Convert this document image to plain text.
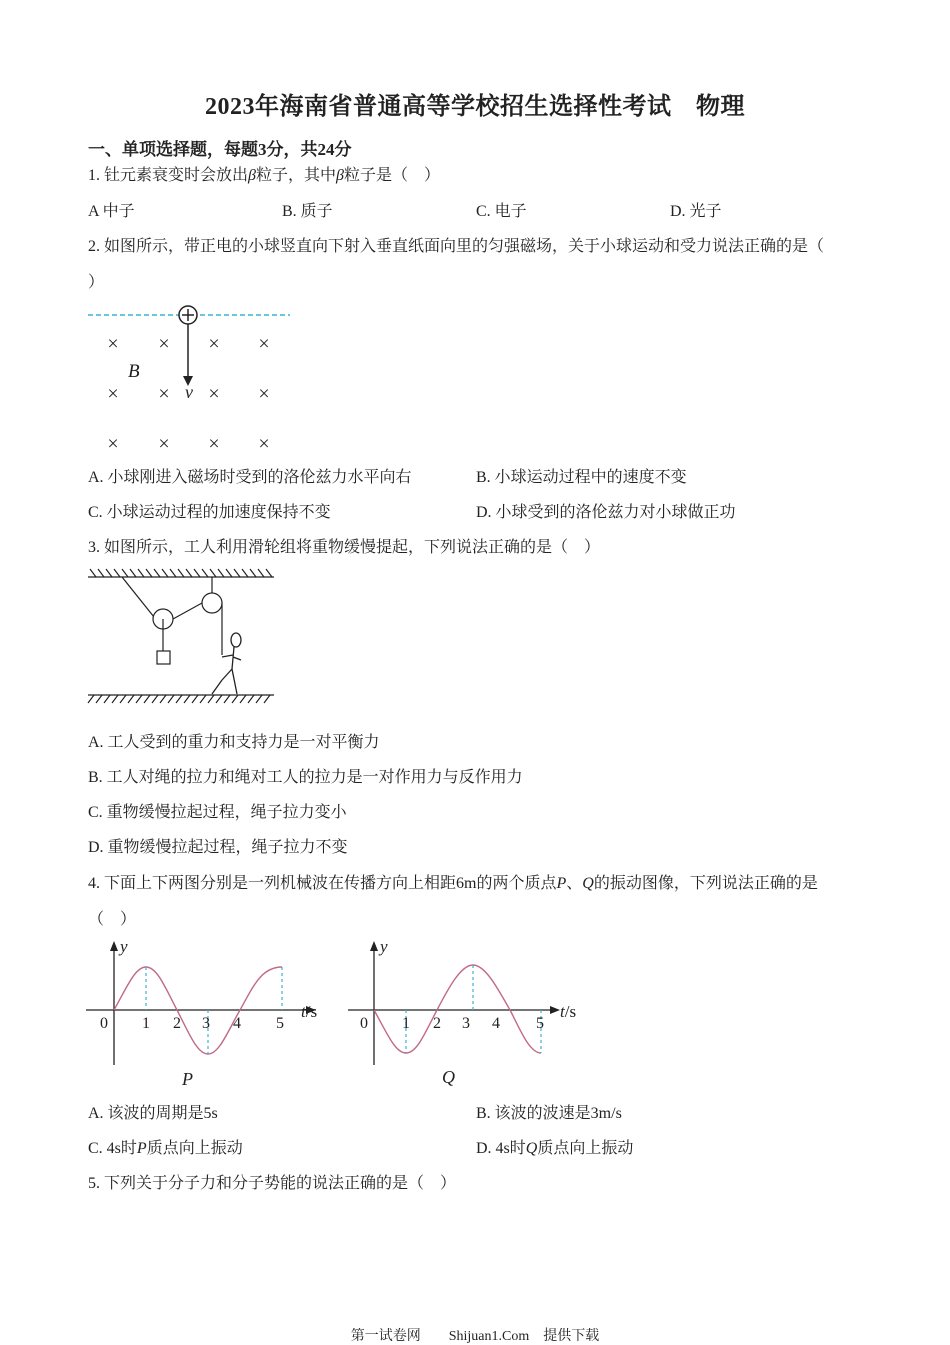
2023年海南省普通高等学校招生选择性考试　物理
一、单项选择题，每题3分，共24分
1. 钍元素衰变时会放出β粒子，其中β粒子是（　）
A 中子	B. 质子	C. 电子	D. 光子
2. 如图所示，带正电的小球竖直向下射入垂直纸面向里的匀强磁场，关于小球运动和受力说法正确的是（
）
× × × ×
× × × ×
× × × ×
B
v
A. 小球刚进入磁场时受到的洛伦兹力水平向右	B. 小球运动过程中的速度不变
C. 小球运动过程的加速度保持不变	D. 小球受到的洛伦兹力对小球做正功
3. 如图所示，工人利用滑轮组将重物缓慢提起，下列说法正确的是（　）
A. 工人受到的重力和支持力是一对平衡力
B. 工人对绳的拉力和绳对工人的拉力是一对作用力与反作用力
C. 重物缓慢拉起过程，绳子拉力变小
D. 重物缓慢拉起过程，绳子拉力不变
4. 下面上下两图分别是一列机械波在传播方向上相距6m的两个质点P、Q的振动图像，下列说法正确的是
（　）
y
t/s
0 1 2 3 4 5
P
y
t/s
0 1 2 3 4 5
Q
A. 该波的周期是5s	B. 该波的波速是3m/s
C. 4s时P质点向上振动	D. 4s时Q质点向上振动
5. 下列关于分子力和分子势能的说法正确的是（　）
第一试卷网　　Shijuan1.Com　提供下载
